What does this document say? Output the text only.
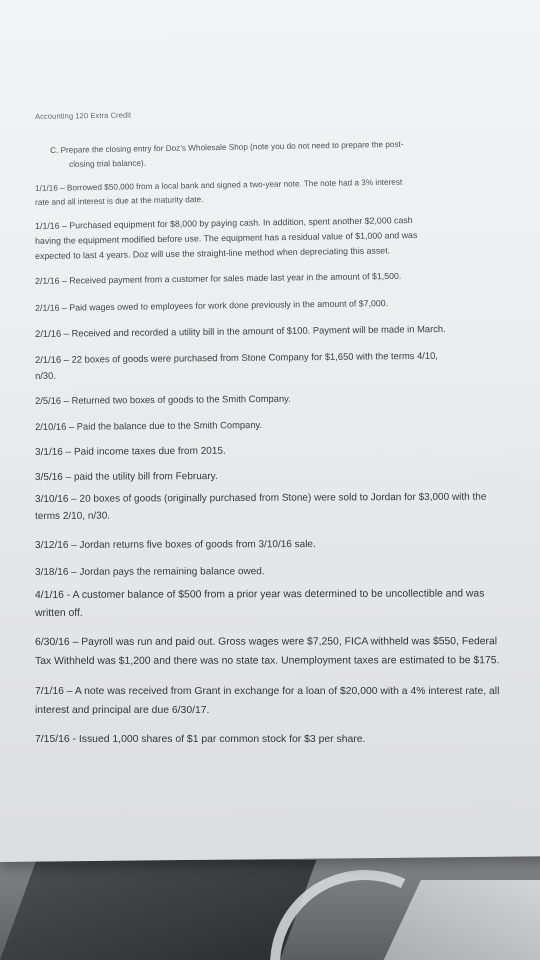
Accounting 120 Extra Credit
C. Prepare the closing entry for Doz’s Wholesale Shop (note you do not need to prepare the post-
closing trial balance).
1/1/16 – Borrowed $50,000 from a local bank and signed a two-year note. The note had a 3% interest
rate and all interest is due at the maturity date.
1/1/16 – Purchased equipment for $8,000 by paying cash. In addition, spent another $2,000 cash
having the equipment modified before use. The equipment has a residual value of $1,000 and was
expected to last 4 years. Doz will use the straight-line method when depreciating this asset.
2/1/16 – Received payment from a customer for sales made last year in the amount of $1,500.
2/1/16 – Paid wages owed to employees for work done previously in the amount of $7,000.
2/1/16 – Received and recorded a utility bill in the amount of $100. Payment will be made in March.
2/1/16 – 22 boxes of goods were purchased from Stone Company for $1,650 with the terms 4/10,
n/30.
2/5/16 – Returned two boxes of goods to the Smith Company.
2/10/16 – Paid the balance due to the Smith Company.
3/1/16 – Paid income taxes due from 2015.
3/5/16 – paid the utility bill from February.
3/10/16 – 20 boxes of goods (originally purchased from Stone) were sold to Jordan for $3,000 with the
terms 2/10, n/30.
3/12/16 – Jordan returns five boxes of goods from 3/10/16 sale.
3/18/16 – Jordan pays the remaining balance owed.
4/1/16 - A customer balance of $500 from a prior year was determined to be uncollectible and was
written off.
6/30/16 – Payroll was run and paid out. Gross wages were $7,250, FICA withheld was $550, Federal
Tax Withheld was $1,200 and there was no state tax. Unemployment taxes are estimated to be $175.
7/1/16 – A note was received from Grant in exchange for a loan of $20,000 with a 4% interest rate, all
interest and principal are due 6/30/17.
7/15/16 - Issued 1,000 shares of $1 par common stock for $3 per share.
